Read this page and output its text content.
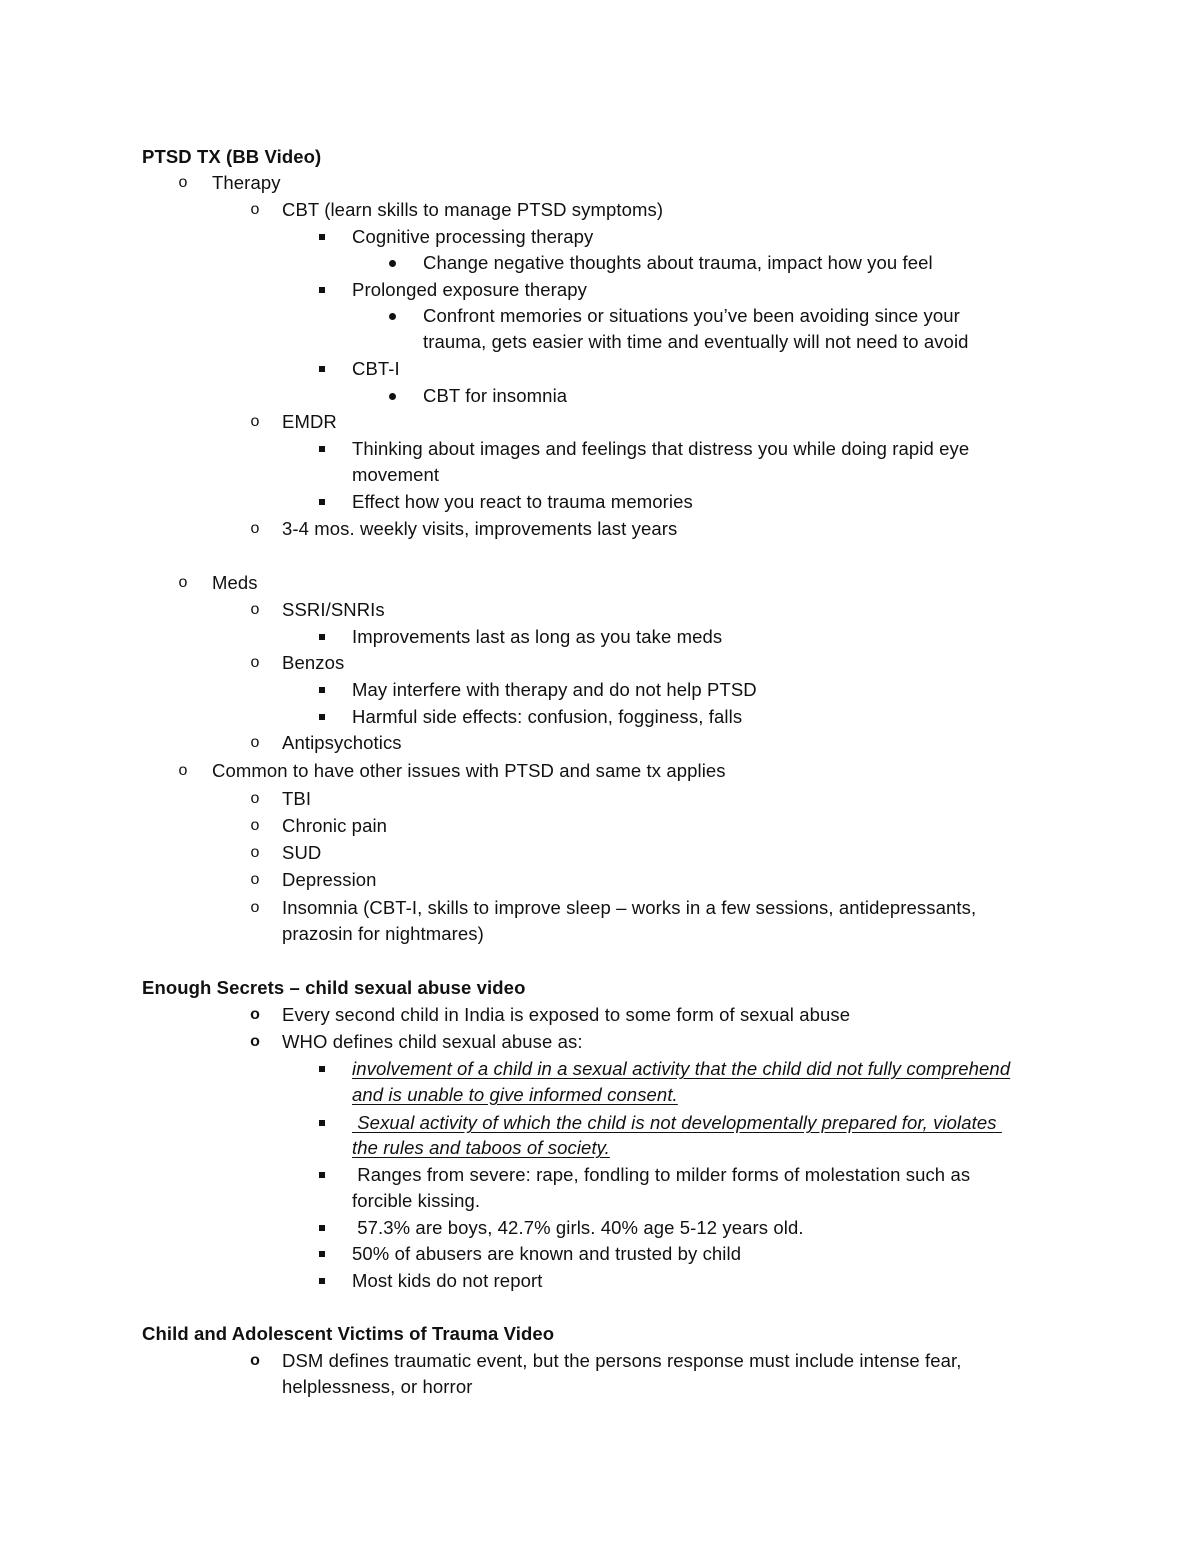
PTSD TX (BB Video)
o Therapy
o CBT (learn skills to manage PTSD symptoms)
Cognitive processing therapy
Change negative thoughts about trauma, impact how you feel
Prolonged exposure therapy
Confront memories or situations you’ve been avoiding since your
trauma, gets easier with time and eventually will not need to avoid
CBT-I
CBT for insomnia
o EMDR
Thinking about images and feelings that distress you while doing rapid eye
movement
Effect how you react to trauma memories
o 3-4 mos. weekly visits, improvements last years
o Meds
o SSRI/SNRIs
Improvements last as long as you take meds
o Benzos
May interfere with therapy and do not help PTSD
Harmful side effects: confusion, fogginess, falls
o Antipsychotics
o Common to have other issues with PTSD and same tx applies
o TBI
o Chronic pain
o SUD
o Depression
o Insomnia (CBT-I, skills to improve sleep – works in a few sessions, antidepressants,
prazosin for nightmares)
Enough Secrets – child sexual abuse video
o Every second child in India is exposed to some form of sexual abuse
o WHO defines child sexual abuse as:
involvement of a child in a sexual activity that the child did not fully comprehend
and is unable to give informed consent.
Sexual activity of which the child is not developmentally prepared for, violates
the rules and taboos of society.
Ranges from severe: rape, fondling to milder forms of molestation such as
forcible kissing.
57.3% are boys, 42.7% girls. 40% age 5-12 years old.
50% of abusers are known and trusted by child
Most kids do not report
Child and Adolescent Victims of Trauma Video
o DSM defines traumatic event, but the persons response must include intense fear,
helplessness, or horror
